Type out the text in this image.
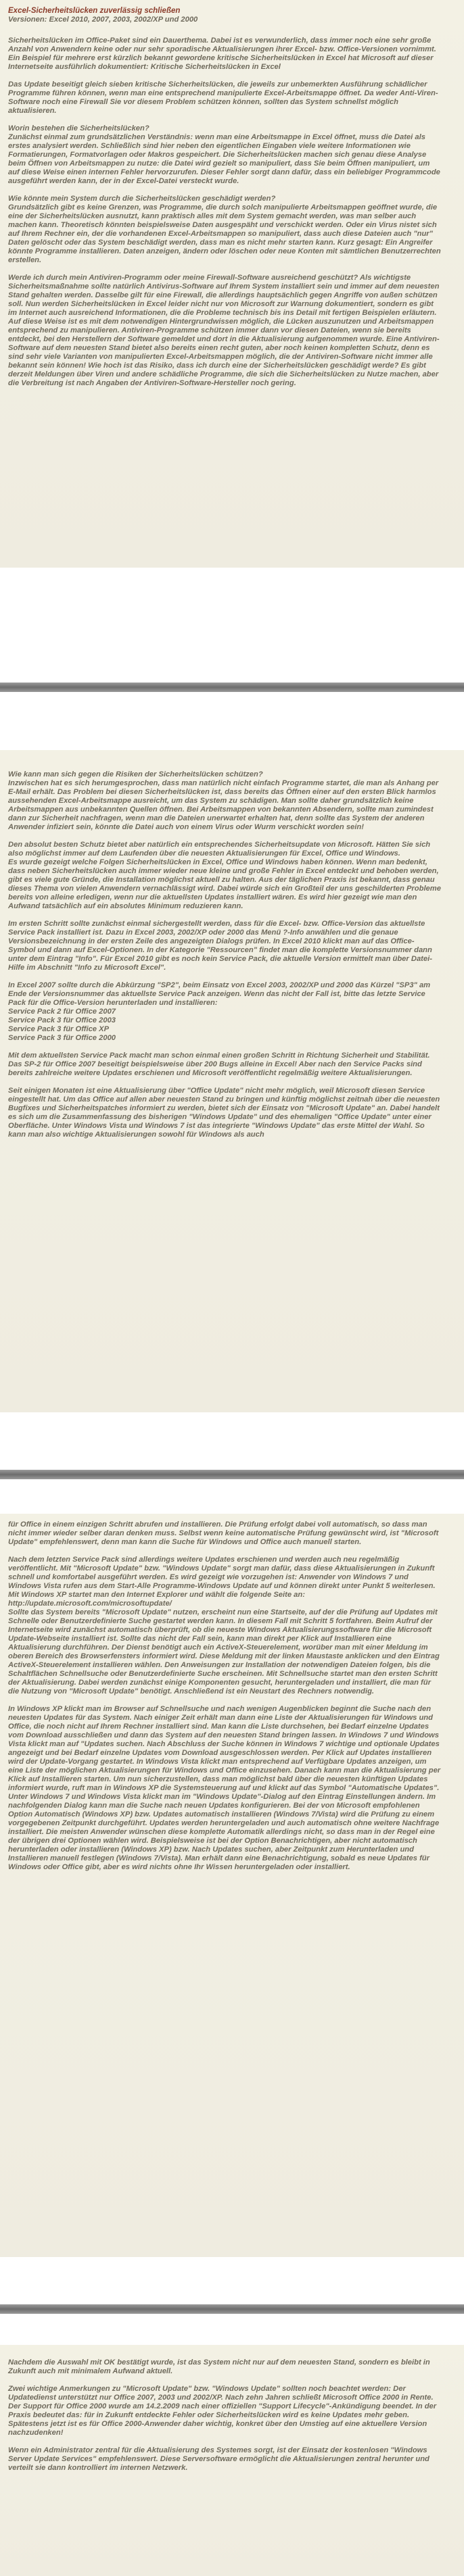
Excel-Sicherheitslücken zuverlässig schließen

Versionen: Excel 2010, 2007, 2003, 2002/XP und 2000

Sicherheitslücken im Office-Paket sind ein Dauerthema. Dabei ist es verwunderlich, dass immer noch eine sehr große Anzahl von Anwendern keine oder nur sehr sporadische Aktualisierungen ihrer Excel- bzw. Office-Versionen vornimmt. Ein Beispiel für mehrere erst kürzlich bekannt gewordene kritische Sicherheitslücken in Excel hat Microsoft auf dieser Internetseite ausführlich dokumentiert: Kritische Sicherheitslücken in Excel

Das Update beseitigt gleich sieben kritische Sicherheitslücken, die jeweils zur unbemerkten Ausführung schädlicher Programme führen können, wenn man eine entsprechend manipulierte Excel-Arbeitsmappe öffnet. Da weder Anti-Viren-Software noch eine Firewall Sie vor diesem Problem schützen können, sollten das System schnellst möglich aktualisieren.

Worin bestehen die Sicherheitslücken?
Zunächst einmal zum grundsätzlichen Verständnis: wenn man eine Arbeitsmappe in Excel öffnet, muss die Datei als erstes analysiert werden. Schließlich sind hier neben den eigentlichen Eingaben viele weitere Informationen wie Formatierungen, Formatvorlagen oder Makros gespeichert. Die Sicherheitslücken machen sich genau diese Analyse beim Öffnen von Arbeitsmappen zu nutze: die Datei wird gezielt so manipuliert, dass Sie beim Öffnen manipuliert, um auf diese Weise einen internen Fehler hervorzurufen. Dieser Fehler sorgt dann dafür, dass ein beliebiger Programmcode ausgeführt werden kann, der in der Excel-Datei versteckt wurde.

Wie könnte mein System durch die Sicherheitslücken geschädigt werden?
Grundsätzlich gibt es keine Grenzen, was Programme, die durch solch manipulierte Arbeitsmappen geöffnet wurde, die eine der Sicherheitslücken ausnutzt, kann praktisch alles mit dem System gemacht werden, was man selber auch machen kann. Theoretisch könnten beispielsweise Daten ausgespäht und verschickt werden. Oder ein Virus nistet sich auf Ihrem Rechner ein, der die vorhandenen Excel-Arbeitsmappen so manipuliert, dass auch diese Dateien auch "nur" Daten gelöscht oder das System beschädigt werden, dass man es nicht mehr starten kann. Kurz gesagt: Ein Angreifer könnte Programme installieren. Daten anzeigen, ändern oder löschen oder neue Konten mit sämtlichen Benutzerrechten erstellen.

Werde ich durch mein Antiviren-Programm oder meine Firewall-Software ausreichend geschützt? Als wichtigste Sicherheitsmaßnahme sollte natürlich Antivirus-Software auf Ihrem System installiert sein und immer auf dem neuesten Stand gehalten werden. Dasselbe gilt für eine Firewall, die allerdings hauptsächlich gegen Angriffe von außen schützen soll. Nun werden Sicherheitslücken in Excel leider nicht nur von Microsoft zur Warnung dokumentiert, sondern es gibt im Internet auch ausreichend Informationen, die die Probleme technisch bis ins Detail mit fertigen Beispielen erläutern. Auf diese Weise ist es mit dem notwendigen Hintergrundwissen möglich, die Lücken auszunutzen und Arbeitsmappen entsprechend zu manipulieren. Antiviren-Programme schützen immer dann vor diesen Dateien, wenn sie bereits entdeckt, bei den Herstellern der Software gemeldet und dort in die Aktualisierung aufgenommen wurde. Eine Antiviren-Software auf dem neuesten Stand bietet also bereits einen recht guten, aber noch keinen kompletten Schutz, denn es sind sehr viele Varianten von manipulierten Excel-Arbeitsmappen möglich, die der Antiviren-Software nicht immer alle bekannt sein können! Wie hoch ist das Risiko, dass ich durch eine der Sicherheitslücken geschädigt werde? Es gibt derzeit Meldungen über Viren und andere schädliche Programme, die sich die Sicherheitslücken zu Nutze machen, aber die Verbreitung ist nach Angaben der Antiviren-Software-Hersteller noch gering.

Wie kann man sich gegen die Risiken der Sicherheitslücken schützen?
Inzwischen hat es sich herumgesprochen, dass man natürlich nicht einfach Programme startet, die man als Anhang per E-Mail erhält. Das Problem bei diesen Sicherheitslücken ist, dass bereits das Öffnen einer auf den ersten Blick harmlos aussehenden Excel-Arbeitsmappe ausreicht, um das System zu schädigen. Man sollte daher grundsätzlich keine Arbeitsmappen aus unbekannten Quellen öffnen. Bei Arbeitsmappen von bekannten Absendern, sollte man zumindest dann zur Sicherheit nachfragen, wenn man die Dateien unerwartet erhalten hat, denn sollte das System der anderen Anwender infiziert sein, könnte die Datei auch von einem Virus oder Wurm verschickt worden sein!

Den absolut besten Schutz bietet aber natürlich ein entsprechendes Sicherheitsupdate von Microsoft. Hätten Sie sich also möglichst immer auf dem Laufenden über die neuesten Aktualisierungen für Excel, Office und Windows.
Es wurde gezeigt welche Folgen Sicherheitslücken in Excel, Office und Windows haben können. Wenn man bedenkt, dass neben Sicherheitslücken auch immer wieder neue kleine und große Fehler in Excel entdeckt und behoben werden, gibt es viele gute Gründe, die Installation möglichst aktuell zu halten. Aus der täglichen Praxis ist bekannt, dass genau dieses Thema von vielen Anwendern vernachlässigt wird. Dabei würde sich ein Großteil der uns geschilderten Probleme bereits von alleine erledigen, wenn nur die aktuellsten Updates installiert wären. Es wird hier gezeigt wie man den Aufwand tatsächlich auf ein absolutes Minimum reduzieren kann.

Im ersten Schritt sollte zunächst einmal sichergestellt werden, dass für die Excel- bzw. Office-Version das aktuellste Service Pack installiert ist. Dazu in Excel 2003, 2002/XP oder 2000 das Menü ?-Info anwählen und die genaue Versionsbezeichnung in der ersten Zeile des angezeigten Dialogs prüfen. In Excel 2010 klickt man auf das Office-Symbol und dann auf Excel-Optionen. In der Kategorie "Ressourcen" findet man die komplette Versionsnummer dann unter dem Eintrag "Info". Für Excel 2010 gibt es noch kein Service Pack, die aktuelle Version ermittelt man über Datei-Hilfe im Abschnitt "Info zu Microsoft Excel".

In Excel 2007 sollte durch die Abkürzung "SP2", beim Einsatz von Excel 2003, 2002/XP und 2000 das Kürzel "SP3" am Ende der Versionsnummer das aktuellste Service Pack anzeigen. Wenn das nicht der Fall ist, bitte das letzte Service Pack für die Office-Version herunterladen und installieren:
Service Pack 2 für Office 2007
Service Pack 3 für Office 2003
Service Pack 3 für Office XP
Service Pack 3 für Office 2000

Mit dem aktuellsten Service Pack macht man schon einmal einen großen Schritt in Richtung Sicherheit und Stabilität. Das SP-2 für Office 2007 beseitigt beispielsweise über 200 Bugs alleine in Excel! Aber nach den Service Packs sind bereits zahlreiche weitere Updates erschienen und Microsoft veröffentlicht regelmäßig weitere Aktualisierungen.

Seit einigen Monaten ist eine Aktualisierung über "Office Update" nicht mehr möglich, weil Microsoft diesen Service eingestellt hat. Um das Office auf allen aber neuesten Stand zu bringen und künftig möglichst zeitnah über die neuesten Bugfixes und Sicherheitspatches informiert zu werden, bietet sich der Einsatz von "Microsoft Update" an. Dabei handelt es sich um die Zusammenfassung des bisherigen "Windows Update" und des ehemaligen "Office Update" unter einer Oberfläche. Unter Windows Vista und Windows 7 ist das integrierte "Windows Update" das erste Mittel der Wahl. So kann man also wichtige Aktualisierungen sowohl für Windows als auch

für Office in einem einzigen Schritt abrufen und installieren. Die Prüfung erfolgt dabei voll automatisch, so dass man nicht immer wieder selber daran denken muss. Selbst wenn keine automatische Prüfung gewünscht wird, ist "Microsoft Update" empfehlenswert, denn man kann die Suche für Windows und Office auch manuell starten.

Nach dem letzten Service Pack sind allerdings weitere Updates erschienen und werden auch neu regelmäßig veröffentlicht. Mit "Microsoft Update" bzw. "Windows Update" sorgt man dafür, dass diese Aktualisierungen in Zukunft schnell und komfortabel ausgeführt werden. Es wird gezeigt wie vorzugehen ist: Anwender von Windows 7 und Windows Vista rufen aus dem Start-Alle Programme-Windows Update auf und können direkt unter Punkt 5 weiterlesen. Mit Windows XP startet man den Internet Explorer und wählt die folgende Seite an:
http://update.microsoft.com/microsoftupdate/
Sollte das System bereits "Microsoft Update" nutzen, erscheint nun eine Startseite, auf der die Prüfung auf Updates mit Schnelle oder Benutzerdefinierte Suche gestartet werden kann. In diesem Fall mit Schritt 5 fortfahren. Beim Aufruf der Internetseite wird zunächst automatisch überprüft, ob die neueste Windows Aktualisierungssoftware für die Microsoft Update-Webseite installiert ist. Sollte das nicht der Fall sein, kann man direkt per Klick auf Installieren eine Aktualisierung durchführen. Der Dienst benötigt auch ein ActiveX-Steuerelement, worüber man mit einer Meldung im oberen Bereich des Browserfensters informiert wird. Diese Meldung mit der linken Maustaste anklicken und den Eintrag ActiveX-Steuerelement installieren wählen. Den Anweisungen zur Installation der notwendigen Dateien folgen, bis die Schaltflächen Schnellsuche oder Benutzerdefinierte Suche erscheinen. Mit Schnellsuche startet man den ersten Schritt der Aktualisierung. Dabei werden zunächst einige Komponenten gesucht, heruntergeladen und installiert, die man für die Nutzung von "Microsoft Update" benötigt. Anschließend ist ein Neustart des Rechners notwendig.

In Windows XP klickt man im Browser auf Schnellsuche und nach wenigen Augenblicken beginnt die Suche nach den neuesten Updates für das System. Nach einiger Zeit erhält man dann eine Liste der Aktualisierungen für Windows und Office, die noch nicht auf Ihrem Rechner installiert sind. Man kann die Liste durchsehen, bei Bedarf einzelne Updates vom Download ausschließen und dann das System auf den neuesten Stand bringen lassen. In Windows 7 und Windows Vista klickt man auf "Updates suchen. Nach Abschluss der Suche können in Windows 7 wichtige und optionale Updates angezeigt und bei Bedarf einzelne Updates vom Download ausgeschlossen werden. Per Klick auf Updates installieren wird der Update-Vorgang gestartet. In Windows Vista klickt man entsprechend auf Verfügbare Updates anzeigen, um eine Liste der möglichen Aktualisierungen für Windows und Office einzusehen. Danach kann man die Aktualisierung per Klick auf Installieren starten. Um nun sicherzustellen, dass man möglichst bald über die neuesten künftigen Updates informiert wurde, ruft man in Windows XP die Systemsteuerung auf und klickt auf das Symbol "Automatische Updates". Unter Windows 7 und Windows Vista klickt man im "Windows Update"-Dialog auf den Eintrag Einstellungen ändern. Im nachfolgenden Dialog kann man die Suche nach neuen Updates konfigurieren. Bei der von Microsoft empfohlenen Option Automatisch (Windows XP) bzw. Updates automatisch installieren (Windows 7/Vista) wird die Prüfung zu einem vorgegebenen Zeitpunkt durchgeführt. Updates werden heruntergeladen und auch automatisch ohne weitere Nachfrage installiert. Die meisten Anwender wünschen diese komplette Automatik allerdings nicht, so dass man in der Regel eine der übrigen drei Optionen wählen wird. Beispielsweise ist bei der Option Benachrichtigen, aber nicht automatisch herunterladen oder installieren (Windows XP) bzw. Nach Updates suchen, aber Zeitpunkt zum Herunterladen und Installieren manuell festlegen (Windows 7/Vista). Man erhält dann eine Benachrichtigung, sobald es neue Updates für Windows oder Office gibt, aber es wird nichts ohne Ihr Wissen heruntergeladen oder installiert.

Nachdem die Auswahl mit OK bestätigt wurde, ist das System nicht nur auf dem neuesten Stand, sondern es bleibt in Zukunft auch mit minimalem Aufwand aktuell.

Zwei wichtige Anmerkungen zu "Microsoft Update" bzw. "Windows Update" sollten noch beachtet werden: Der Updatedienst unterstützt nur Office 2007, 2003 und 2002/XP. Nach zehn Jahren schließt Microsoft Office 2000 in Rente. Der Support für Office 2000 wurde am 14.2.2009 nach einer offiziellen "Support Lifecycle"-Ankündigung beendet. In der Praxis bedeutet das: für in Zukunft entdeckte Fehler oder Sicherheitslücken wird es keine Updates mehr geben. Spätestens jetzt ist es für Office 2000-Anwender daher wichtig, konkret über den Umstieg auf eine aktuellere Version nachzudenken!

Wenn ein Administrator zentral für die Aktualisierung des Systemes sorgt, ist der Einsatz der kostenlosen "Windows Server Update Services" empfehlenswert. Diese Serversoftware ermöglicht die Aktualisierungen zentral herunter und verteilt sie dann kontrolliert im internen Netzwerk.
